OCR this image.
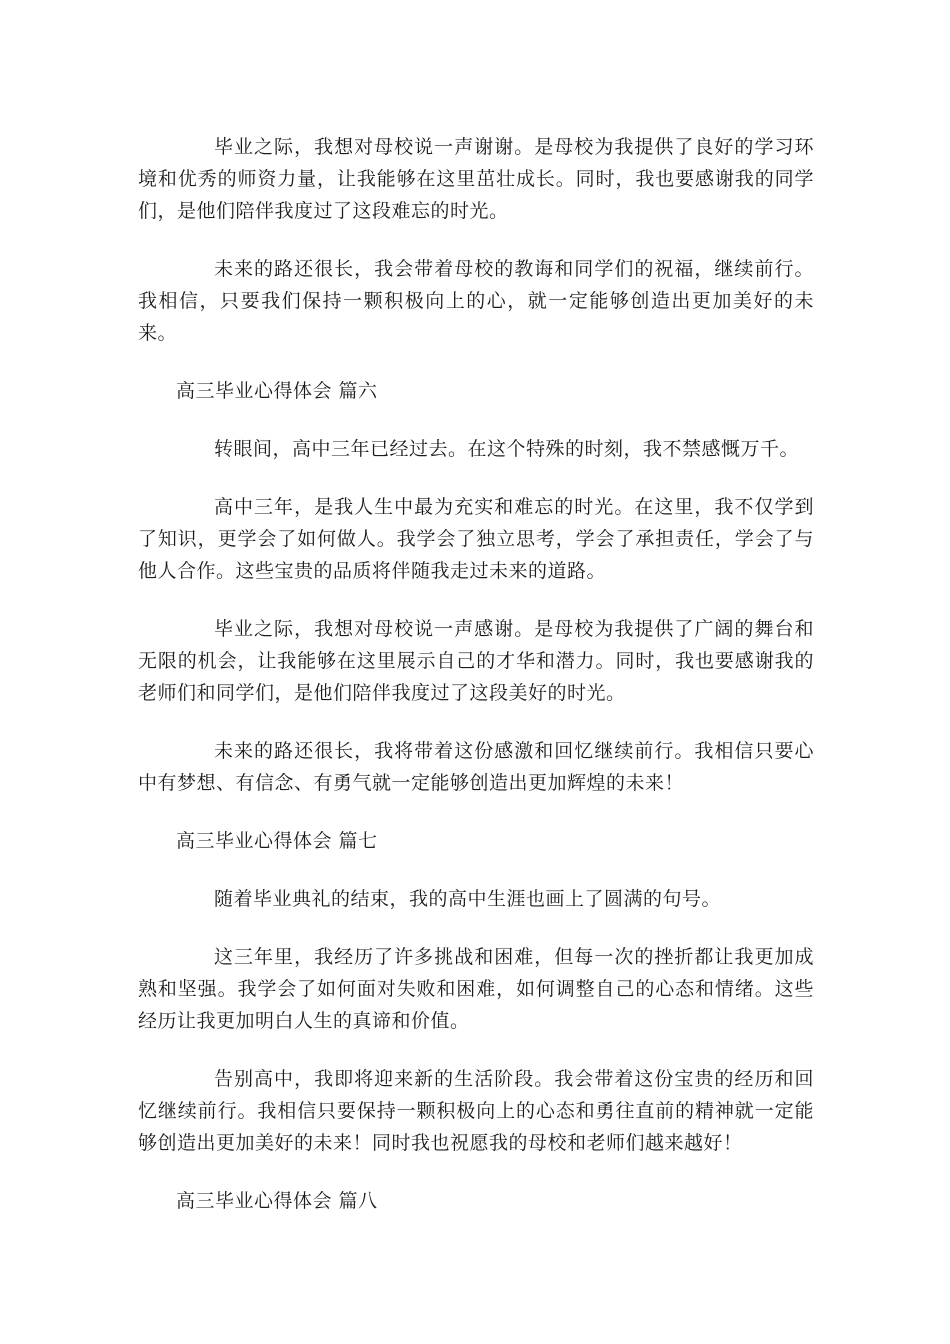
毕业之际，我想对母校说一声谢谢。是母校为我提供了良好的学习环境和优秀的师资力量，让我能够在这里茁壮成长。同时，我也要感谢我的同学们，是他们陪伴我度过了这段难忘的时光。

未来的路还很长，我会带着母校的教诲和同学们的祝福，继续前行。我相信，只要我们保持一颗积极向上的心，就一定能够创造出更加美好的未来。

高三毕业心得体会 篇六

转眼间，高中三年已经过去。在这个特殊的时刻，我不禁感慨万千。

高中三年，是我人生中最为充实和难忘的时光。在这里，我不仅学到了知识，更学会了如何做人。我学会了独立思考，学会了承担责任，学会了与他人合作。这些宝贵的品质将伴随我走过未来的道路。

毕业之际，我想对母校说一声感谢。是母校为我提供了广阔的舞台和无限的机会，让我能够在这里展示自己的才华和潜力。同时，我也要感谢我的老师们和同学们，是他们陪伴我度过了这段美好的时光。

未来的路还很长，我将带着这份感激和回忆继续前行。我相信只要心中有梦想、有信念、有勇气就一定能够创造出更加辉煌的未来！

高三毕业心得体会 篇七

随着毕业典礼的结束，我的高中生涯也画上了圆满的句号。

这三年里，我经历了许多挑战和困难，但每一次的挫折都让我更加成熟和坚强。我学会了如何面对失败和困难，如何调整自己的心态和情绪。这些经历让我更加明白人生的真谛和价值。

告别高中，我即将迎来新的生活阶段。我会带着这份宝贵的经历和回忆继续前行。我相信只要保持一颗积极向上的心态和勇往直前的精神就一定能够创造出更加美好的未来！同时我也祝愿我的母校和老师们越来越好！

高三毕业心得体会 篇八
